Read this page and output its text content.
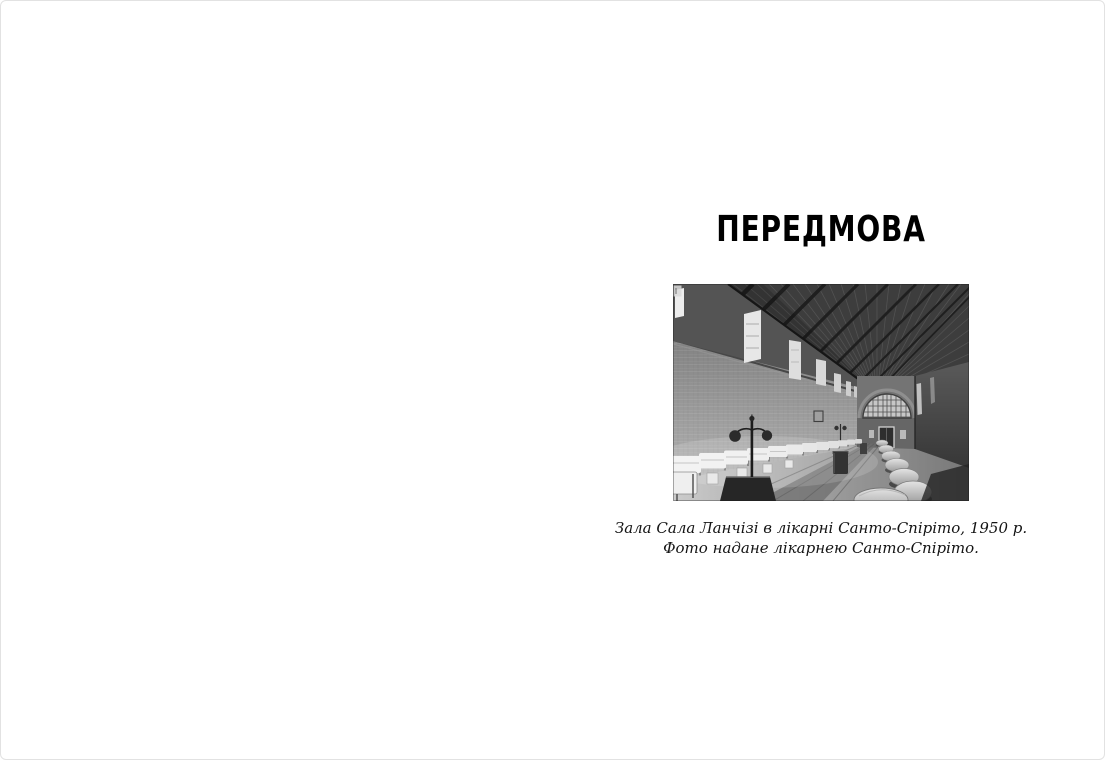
ПЕРЕДМОВА
Зала Сала Ланчізі в лікарні Санто-Спіріто, 1950 р.
Фото надане лікарнею Санто-Спіріто.
